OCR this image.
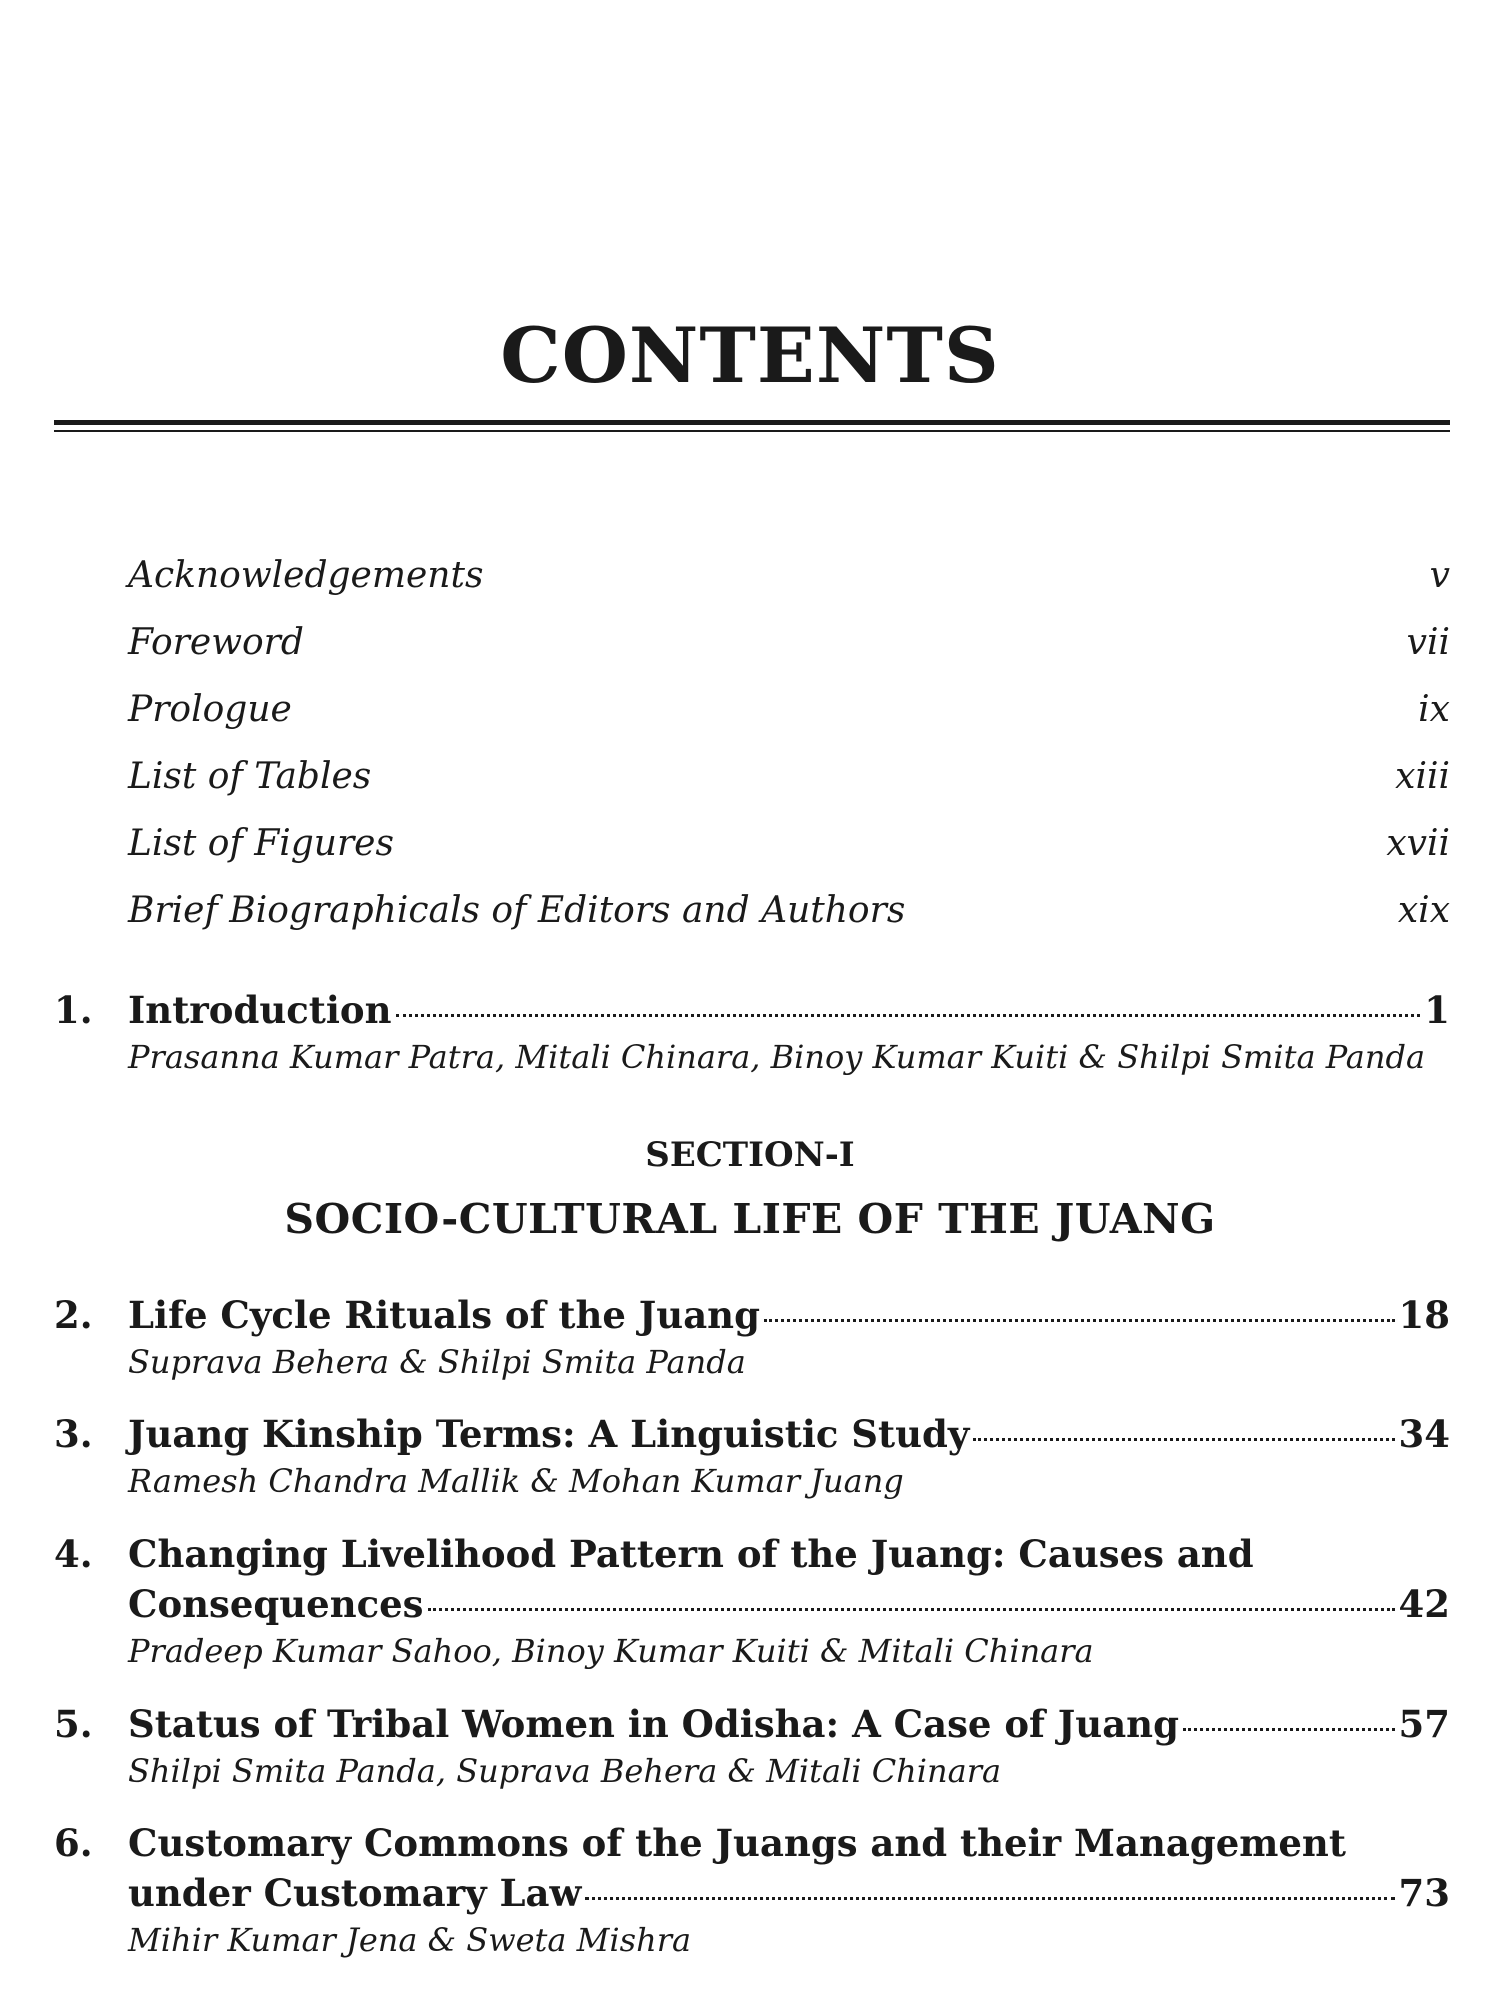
CONTENTS
Acknowledgements	v
Foreword	vii
Prologue	ix
List of Tables	xiii
List of Figures	xvii
Brief Biographicals of Editors and Authors	xix
1. Introduction	1
Prasanna Kumar Patra, Mitali Chinara, Binoy Kumar Kuiti & Shilpi Smita Panda

SECTION-I

SOCIO-CULTURAL LIFE OF THE JUANG

2. Life Cycle Rituals of the Juang	18
Suprava Behera & Shilpi Smita Panda
3. Juang Kinship Terms: A Linguistic Study	34
Ramesh Chandra Mallik & Mohan Kumar Juang
4. Changing Livelihood Pattern of the Juang: Causes and
Consequences	42
Pradeep Kumar Sahoo, Binoy Kumar Kuiti & Mitali Chinara
5. Status of Tribal Women in Odisha: A Case of Juang	57
Shilpi Smita Panda, Suprava Behera & Mitali Chinara
6. Customary Commons of the Juangs and their Management
under Customary Law	73
Mihir Kumar Jena & Sweta Mishra
